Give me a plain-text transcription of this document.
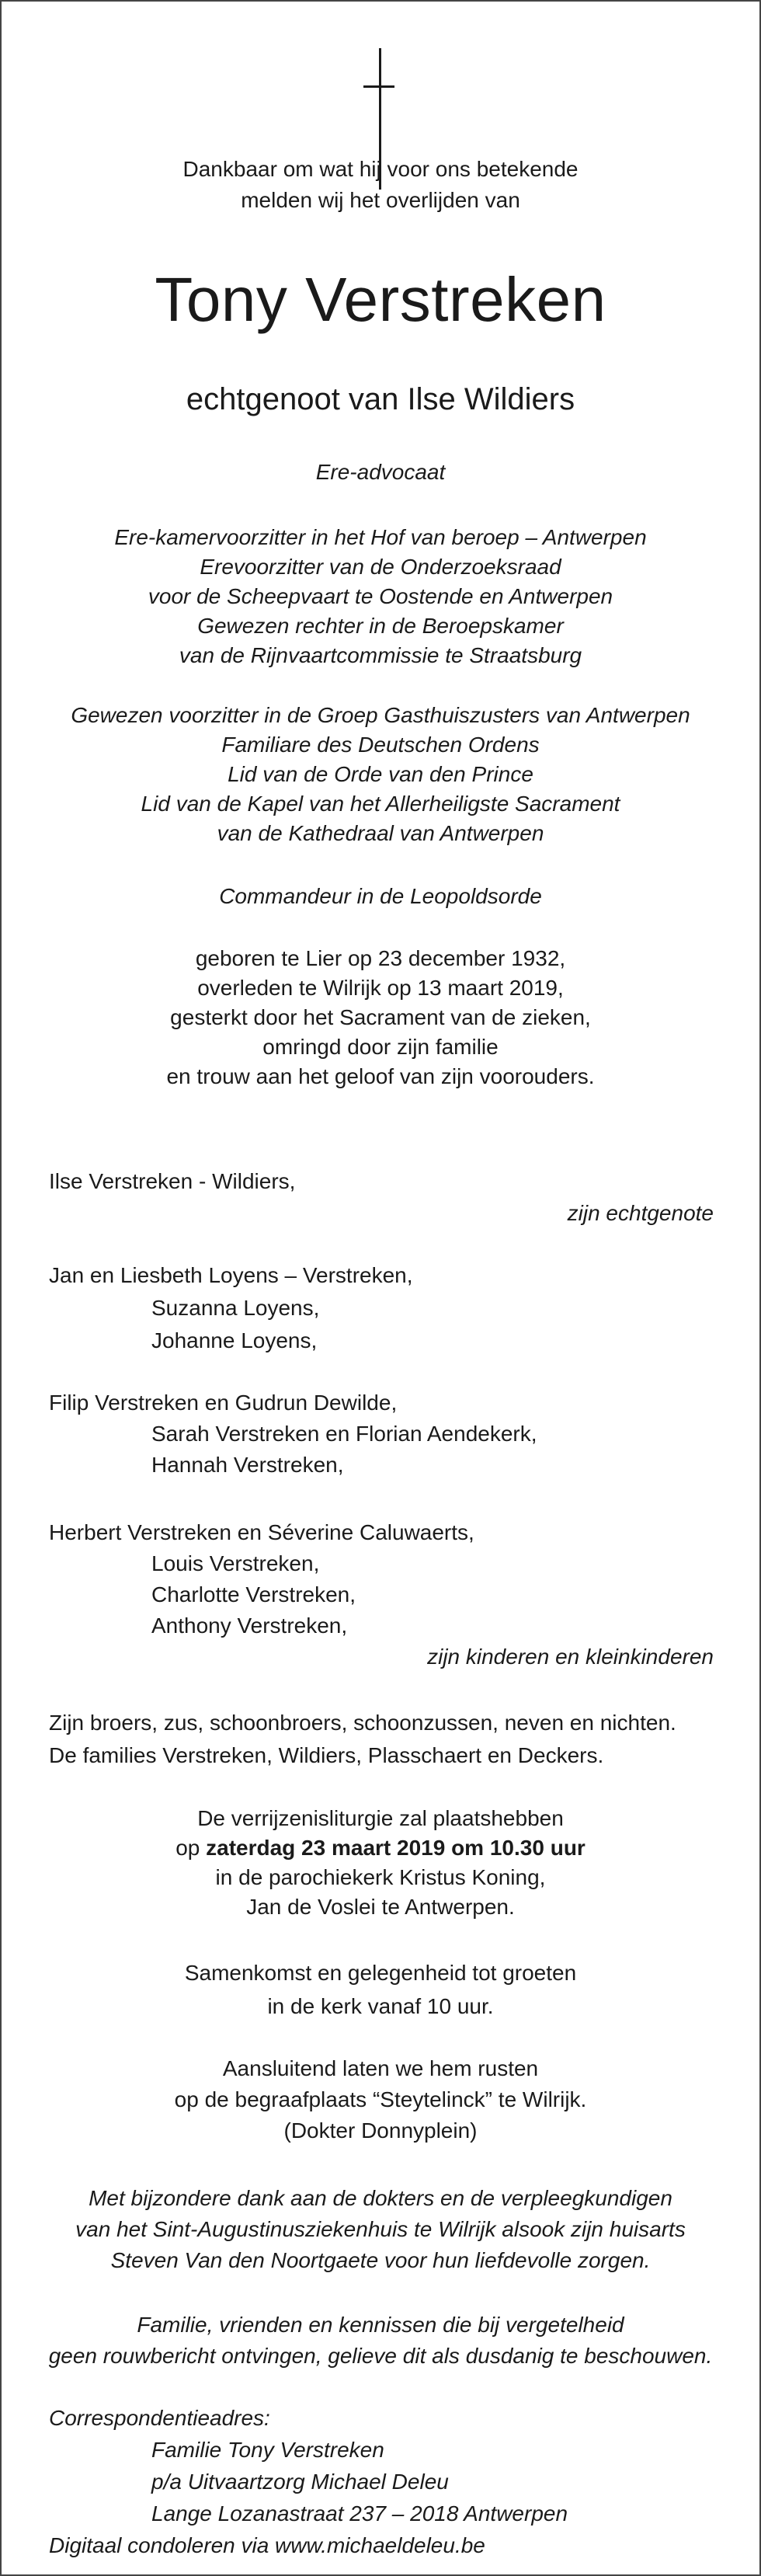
Dankbaar om wat hij voor ons betekende
melden wij het overlijden van
Tony Verstreken
echtgenoot van Ilse Wildiers
Ere-advocaat
Ere-kamervoorzitter in het Hof van beroep – Antwerpen
Erevoorzitter van de Onderzoeksraad
voor de Scheepvaart te Oostende en Antwerpen
Gewezen rechter in de Beroepskamer
van de Rijnvaartcommissie te Straatsburg
Gewezen voorzitter in de Groep Gasthuiszusters van Antwerpen
Familiare des Deutschen Ordens
Lid van de Orde van den Prince
Lid van de Kapel van het Allerheiligste Sacrament
van de Kathedraal van Antwerpen
Commandeur in de Leopoldsorde
geboren te Lier op 23 december 1932,
overleden te Wilrijk op 13 maart 2019,
gesterkt door het Sacrament van de zieken,
omringd door zijn familie
en trouw aan het geloof van zijn voorouders.
Ilse Verstreken - Wildiers,
zijn echtgenote
Jan en Liesbeth Loyens – Verstreken,
Suzanna Loyens,
Johanne Loyens,
Filip Verstreken en Gudrun Dewilde,
Sarah Verstreken en Florian Aendekerk,
Hannah Verstreken,
Herbert Verstreken en Séverine Caluwaerts,
Louis Verstreken,
Charlotte Verstreken,
Anthony Verstreken,
zijn kinderen en kleinkinderen
Zijn broers, zus, schoonbroers, schoonzussen, neven en nichten.
De families Verstreken, Wildiers, Plasschaert en Deckers.
De verrijzenisliturgie zal plaatshebben
op zaterdag 23 maart 2019 om 10.30 uur
in de parochiekerk Kristus Koning,
Jan de Voslei te Antwerpen.
Samenkomst en gelegenheid tot groeten
in de kerk vanaf 10 uur.
Aansluitend laten we hem rusten
op de begraafplaats “Steytelinck” te Wilrijk.
(Dokter Donnyplein)
Met bijzondere dank aan de dokters en de verpleegkundigen
van het Sint-Augustinusziekenhuis te Wilrijk alsook zijn huisarts
Steven Van den Noortgaete voor hun liefdevolle zorgen.
Familie, vrienden en kennissen die bij vergetelheid
geen rouwbericht ontvingen, gelieve dit als dusdanig te beschouwen.
Correspondentieadres:
Familie Tony Verstreken
p/a Uitvaartzorg Michael Deleu
Lange Lozanastraat 237 – 2018 Antwerpen
Digitaal condoleren via www.michaeldeleu.be
